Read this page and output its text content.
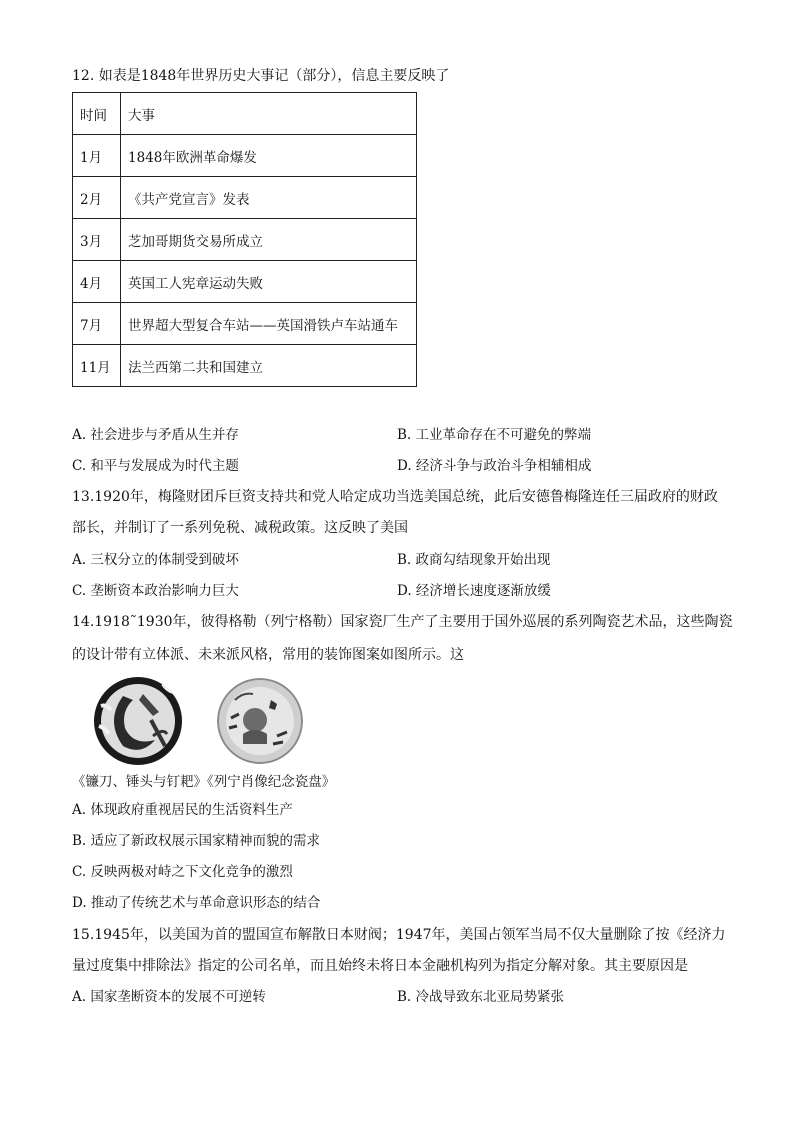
12. 如表是1848年世界历史大事记（部分），信息主要反映了
时间	大事
1月	1848年欧洲革命爆发
2月	《共产党宣言》发表
3月	芝加哥期货交易所成立
4月	英国工人宪章运动失败
7月	世界超大型复合车站——英国滑铁卢车站通车
11月	法兰西第二共和国建立
A. 社会进步与矛盾从生并存	B. 工业革命存在不可避免的弊端
C. 和平与发展成为时代主题	D. 经济斗争与政治斗争相辅相成
13.1920年，梅隆财团斥巨资支持共和党人哈定成功当选美国总统，此后安德鲁梅隆连任三届政府的财政
部长，并制订了一系列免税、减税政策。这反映了美国
A. 三权分立的体制受到破坏	B. 政商勾结现象开始出现
C. 垄断资本政治影响力巨大	D. 经济增长速度逐渐放缓
14.1918˜1930年，彼得格勒（列宁格勒）国家瓷厂生产了主要用于国外巡展的系列陶瓷艺术品，这些陶瓷
的设计带有立体派、未来派风格，常用的装饰图案如图所示。这
《镰刀、锤头与钉耙》《列宁肖像纪念瓷盘》
A. 体现政府重视居民的生活资料生产
B. 适应了新政权展示国家精神而貌的需求
C. 反映两极对峙之下文化竞争的激烈
D. 推动了传统艺术与革命意识形态的结合
15.1945年，以美国为首的盟国宣布解散日本财阀；1947年，美国占领军当局不仅大量删除了按《经济力
量过度集中排除法》指定的公司名单，而且始终未将日本金融机构列为指定分解对象。其主要原因是
A. 国家垄断资本的发展不可逆转	B. 冷战导致东北亚局势紧张
